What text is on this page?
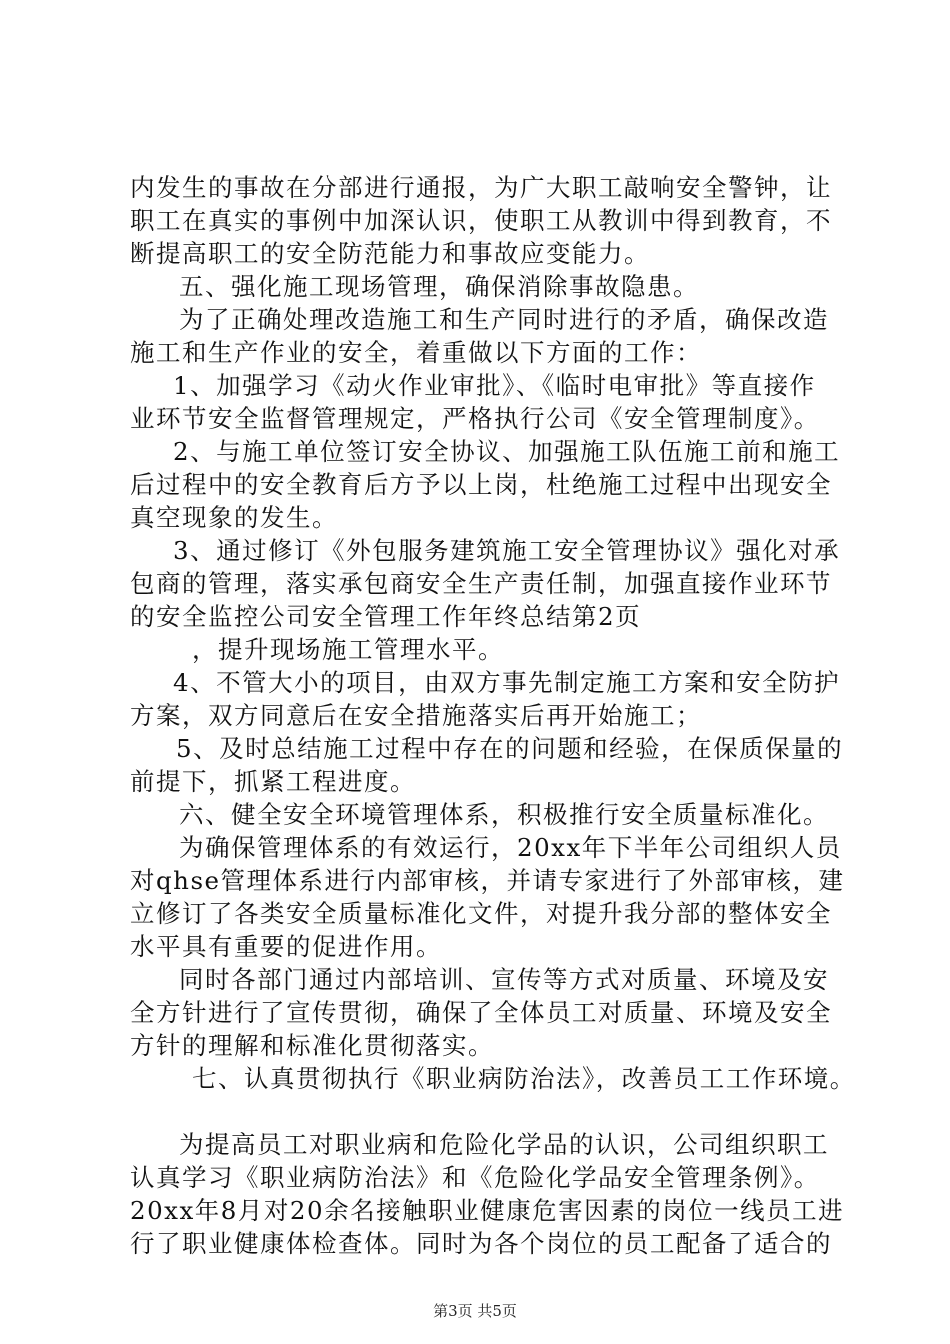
内发生的事故在分部进行通报，为广大职工敲响安全警钟，让
职工在真实的事例中加深认识，使职工从教训中得到教育，不
断提高职工的安全防范能力和事故应变能力。
五、强化施工现场管理，确保消除事故隐患。
为了正确处理改造施工和生产同时进行的矛盾，确保改造
施工和生产作业的安全，着重做以下方面的工作：
1、加强学习《动火作业审批》、《临时电审批》等直接作
业环节安全监督管理规定，严格执行公司《安全管理制度》。
2、与施工单位签订安全协议、加强施工队伍施工前和施工
后过程中的安全教育后方予以上岗，杜绝施工过程中出现安全
真空现象的发生。
3、通过修订《外包服务建筑施工安全管理协议》强化对承
包商的管理，落实承包商安全生产责任制，加强直接作业环节
的安全监控公司安全管理工作年终总结第2页
，提升现场施工管理水平。
4、不管大小的项目，由双方事先制定施工方案和安全防护
方案，双方同意后在安全措施落实后再开始施工；
5、及时总结施工过程中存在的问题和经验，在保质保量的
前提下，抓紧工程进度。
六、健全安全环境管理体系，积极推行安全质量标准化。
为确保管理体系的有效运行，20xx年下半年公司组织人员
对qhse管理体系进行内部审核，并请专家进行了外部审核，建
立修订了各类安全质量标准化文件，对提升我分部的整体安全
水平具有重要的促进作用。
同时各部门通过内部培训、宣传等方式对质量、环境及安
全方针进行了宣传贯彻，确保了全体员工对质量、环境及安全
方针的理解和标准化贯彻落实。
七、认真贯彻执行《职业病防治法》，改善员工工作环境。
为提高员工对职业病和危险化学品的认识，公司组织职工
认真学习《职业病防治法》和《危险化学品安全管理条例》。
20xx年8月对20余名接触职业健康危害因素的岗位一线员工进
行了职业健康体检查体。同时为各个岗位的员工配备了适合的
第3页 共5页
